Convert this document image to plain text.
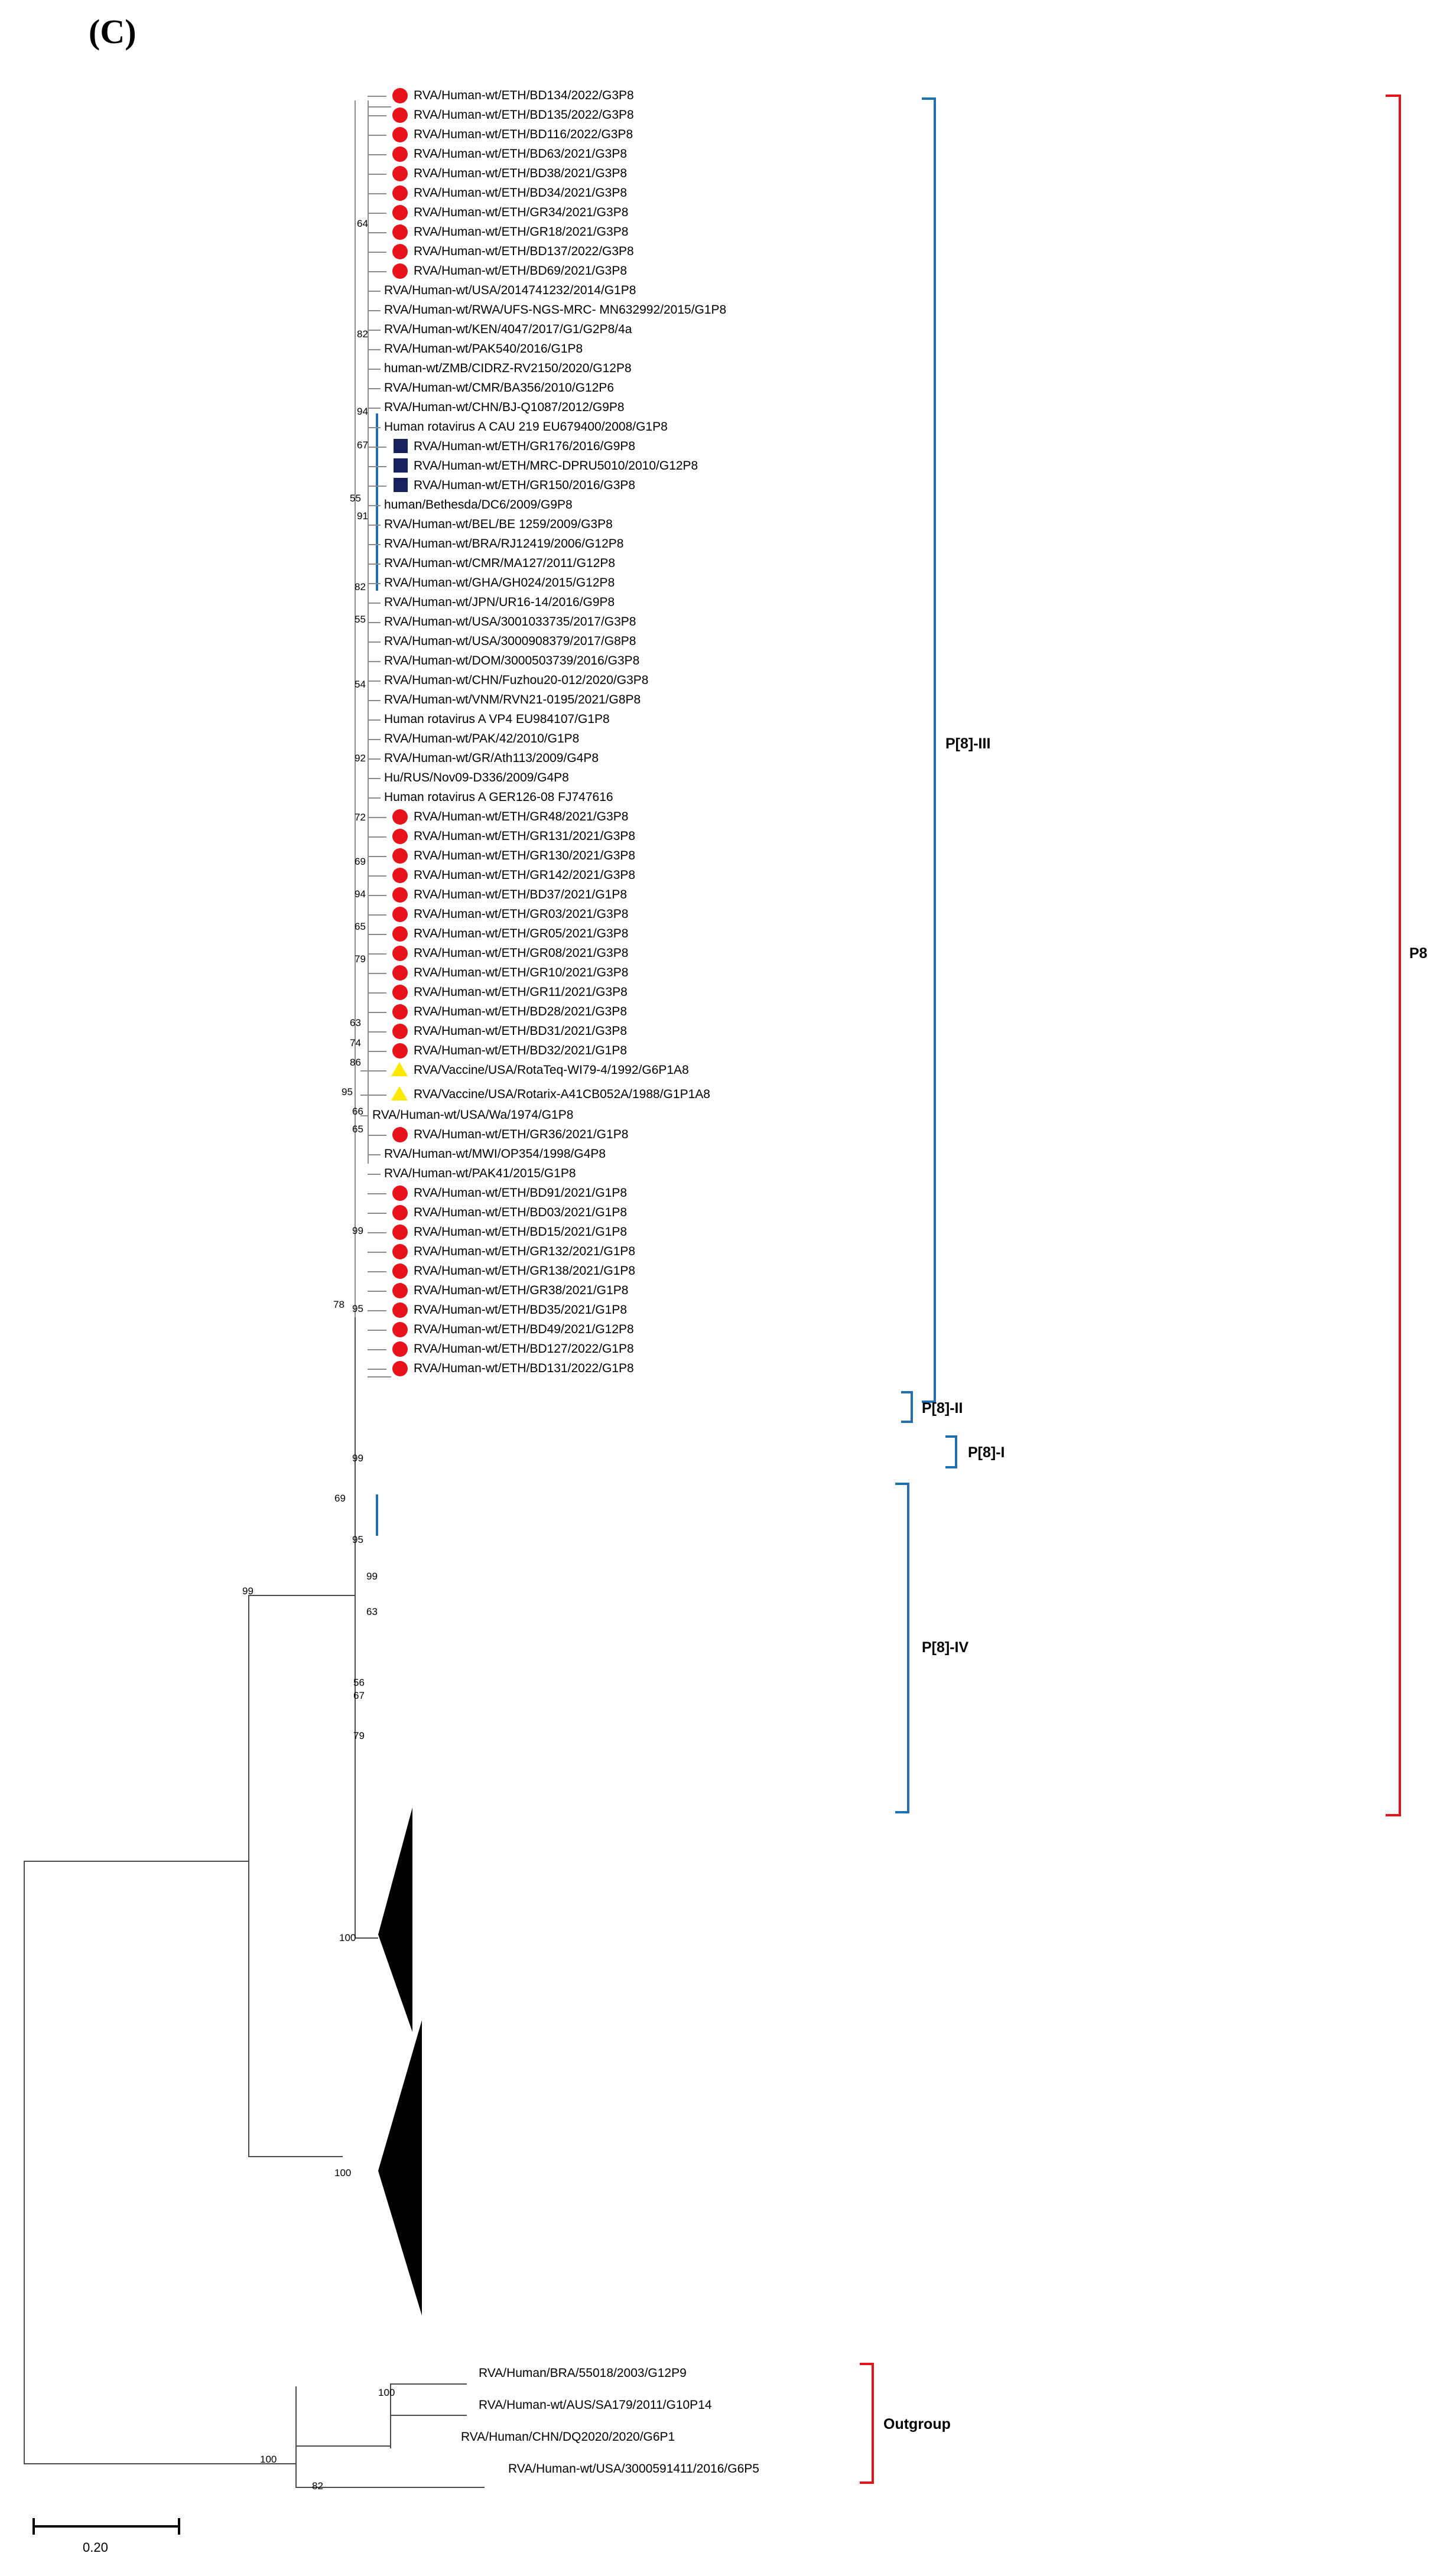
(C)
P4
P6
P[8]-III
P[8]-II
P[8]-I
P[8]-IV
P8
Outgroup
0.20
RVA/Human-wt/ETH/BD134/2022/G3P8
RVA/Human-wt/ETH/BD135/2022/G3P8
RVA/Human-wt/ETH/BD116/2022/G3P8
RVA/Human-wt/ETH/BD63/2021/G3P8
RVA/Human-wt/ETH/BD38/2021/G3P8
RVA/Human-wt/ETH/BD34/2021/G3P8
RVA/Human-wt/ETH/GR34/2021/G3P8
RVA/Human-wt/ETH/GR18/2021/G3P8
RVA/Human-wt/ETH/BD137/2022/G3P8
RVA/Human-wt/ETH/BD69/2021/G3P8
RVA/Human-wt/USA/2014741232/2014/G1P8
RVA/Human-wt/RWA/UFS-NGS-MRC- MN632992/2015/G1P8
RVA/Human-wt/KEN/4047/2017/G1/G2P8/4a
RVA/Human-wt/PAK540/2016/G1P8
human-wt/ZMB/CIDRZ-RV2150/2020/G12P8
RVA/Human-wt/CMR/BA356/2010/G12P6
RVA/Human-wt/CHN/BJ-Q1087/2012/G9P8
Human rotavirus A CAU 219 EU679400/2008/G1P8
RVA/Human-wt/ETH/GR176/2016/G9P8
RVA/Human-wt/ETH/MRC-DPRU5010/2010/G12P8
RVA/Human-wt/ETH/GR150/2016/G3P8
human/Bethesda/DC6/2009/G9P8
RVA/Human-wt/BEL/BE 1259/2009/G3P8
RVA/Human-wt/BRA/RJ12419/2006/G12P8
RVA/Human-wt/CMR/MA127/2011/G12P8
RVA/Human-wt/GHA/GH024/2015/G12P8
RVA/Human-wt/JPN/UR16-14/2016/G9P8
RVA/Human-wt/USA/3001033735/2017/G3P8
RVA/Human-wt/USA/3000908379/2017/G8P8
RVA/Human-wt/DOM/3000503739/2016/G3P8
RVA/Human-wt/CHN/Fuzhou20-012/2020/G3P8
RVA/Human-wt/VNM/RVN21-0195/2021/G8P8
Human rotavirus A VP4 EU984107/G1P8
RVA/Human-wt/PAK/42/2010/G1P8
RVA/Human-wt/GR/Ath113/2009/G4P8
Hu/RUS/Nov09-D336/2009/G4P8
Human rotavirus A GER126-08 FJ747616
RVA/Human-wt/ETH/GR48/2021/G3P8
RVA/Human-wt/ETH/GR131/2021/G3P8
RVA/Human-wt/ETH/GR130/2021/G3P8
RVA/Human-wt/ETH/GR142/2021/G3P8
RVA/Human-wt/ETH/BD37/2021/G1P8
RVA/Human-wt/ETH/GR03/2021/G3P8
RVA/Human-wt/ETH/GR05/2021/G3P8
RVA/Human-wt/ETH/GR08/2021/G3P8
RVA/Human-wt/ETH/GR10/2021/G3P8
RVA/Human-wt/ETH/GR11/2021/G3P8
RVA/Human-wt/ETH/BD28/2021/G3P8
RVA/Human-wt/ETH/BD31/2021/G3P8
RVA/Human-wt/ETH/BD32/2021/G1P8
RVA/Vaccine/USA/RotaTeq-WI79-4/1992/G6P1A8
RVA/Vaccine/USA/Rotarix-A41CB052A/1988/G1P1A8
RVA/Human-wt/USA/Wa/1974/G1P8
RVA/Human-wt/ETH/GR36/2021/G1P8
RVA/Human-wt/MWI/OP354/1998/G4P8
RVA/Human-wt/PAK41/2015/G1P8
RVA/Human-wt/ETH/BD91/2021/G1P8
RVA/Human-wt/ETH/BD03/2021/G1P8
RVA/Human-wt/ETH/BD15/2021/G1P8
RVA/Human-wt/ETH/GR132/2021/G1P8
RVA/Human-wt/ETH/GR138/2021/G1P8
RVA/Human-wt/ETH/GR38/2021/G1P8
RVA/Human-wt/ETH/BD35/2021/G1P8
RVA/Human-wt/ETH/BD49/2021/G12P8
RVA/Human-wt/ETH/BD127/2022/G1P8
RVA/Human-wt/ETH/BD131/2022/G1P8
RVA/Human/BRA/55018/2003/G12P9
RVA/Human-wt/AUS/SA179/2011/G10P14
RVA/Human/CHN/DQ2020/2020/G6P1
RVA/Human-wt/USA/3000591411/2016/G6P5
64
82
94
67
55
91
82
55
54
92
72
69
94
65
79
63
74
86
95
66
65
99
78 95
99
69
95
99
63
56
67
79
99
100
100
100
100
82
